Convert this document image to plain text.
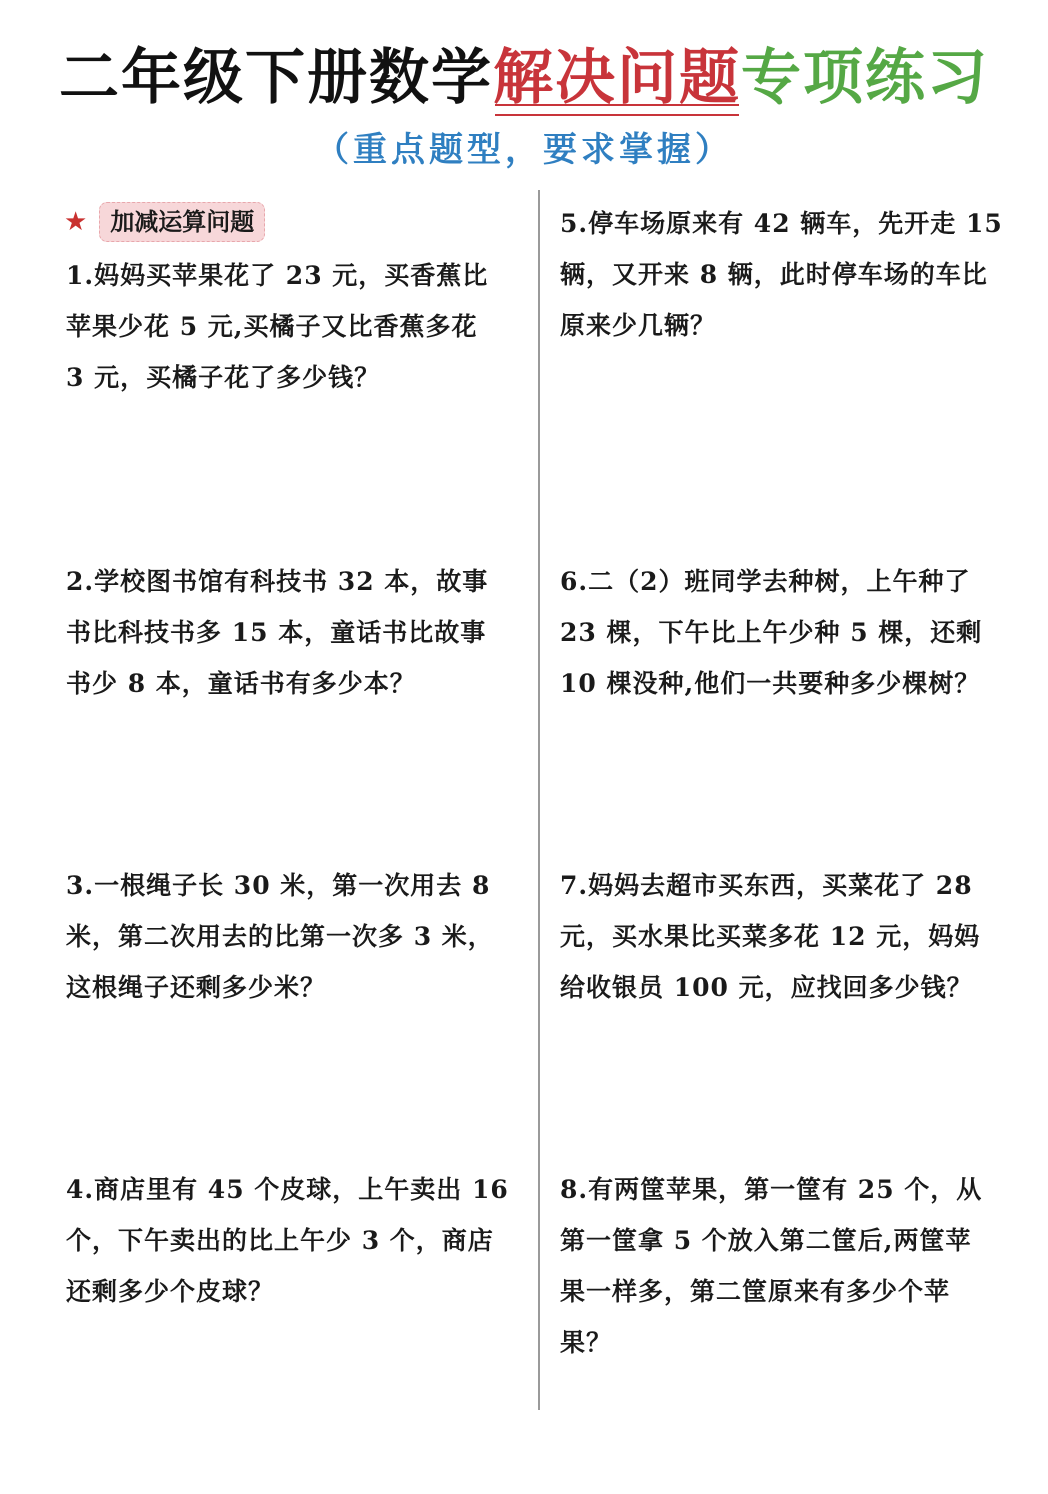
二年级下册数学解决问题专项练习
（重点题型，要求掌握）
★ 加减运算问题
1.妈妈买苹果花了 23 元，买香蕉比
苹果少花 5 元,买橘子又比香蕉多花
3 元，买橘子花了多少钱？
2.学校图书馆有科技书 32 本，故事
书比科技书多 15 本，童话书比故事
书少 8 本，童话书有多少本？
3.一根绳子长 30 米，第一次用去 8
米，第二次用去的比第一次多 3 米，
这根绳子还剩多少米？
4.商店里有 45 个皮球，上午卖出 16
个，下午卖出的比上午少 3 个，商店
还剩多少个皮球？
5.停车场原来有 42 辆车，先开走 15
辆，又开来 8 辆，此时停车场的车比
原来少几辆？
6.二（2）班同学去种树，上午种了
23 棵，下午比上午少种 5 棵，还剩
10 棵没种,他们一共要种多少棵树？
7.妈妈去超市买东西，买菜花了 28
元，买水果比买菜多花 12 元，妈妈
给收银员 100 元，应找回多少钱？
8.有两筐苹果，第一筐有 25 个，从
第一筐拿 5 个放入第二筐后,两筐苹
果一样多，第二筐原来有多少个苹
果？
